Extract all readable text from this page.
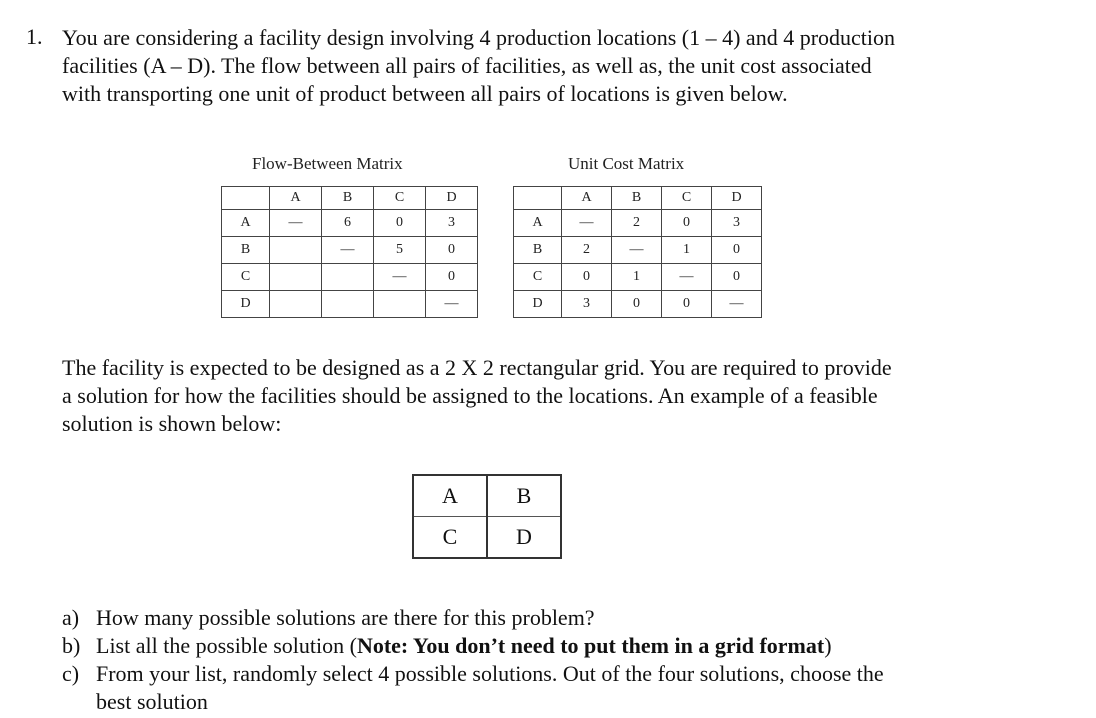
1. You are considering a facility design involving 4 production locations (1 – 4) and 4 production
facilities (A – D). The flow between all pairs of facilities, as well as, the unit cost associated
with transporting one unit of product between all pairs of locations is given below.
Flow-Between Matrix
	A	B	C	D
A	—	6	0	3
B		—	5	0
C			—	0
D				—
Unit Cost Matrix
	A	B	C	D
A	—	2	0	3
B	2	—	1	0
C	0	1	—	0
D	3	0	0	—
The facility is expected to be designed as a 2 X 2 rectangular grid. You are required to provide
a solution for how the facilities should be assigned to the locations. An example of a feasible
solution is shown below:
A	B
C	D
a) How many possible solutions are there for this problem?
b) List all the possible solution (Note: You don’t need to put them in a grid format)
c) From your list, randomly select 4 possible solutions. Out of the four solutions, choose the
best solution
